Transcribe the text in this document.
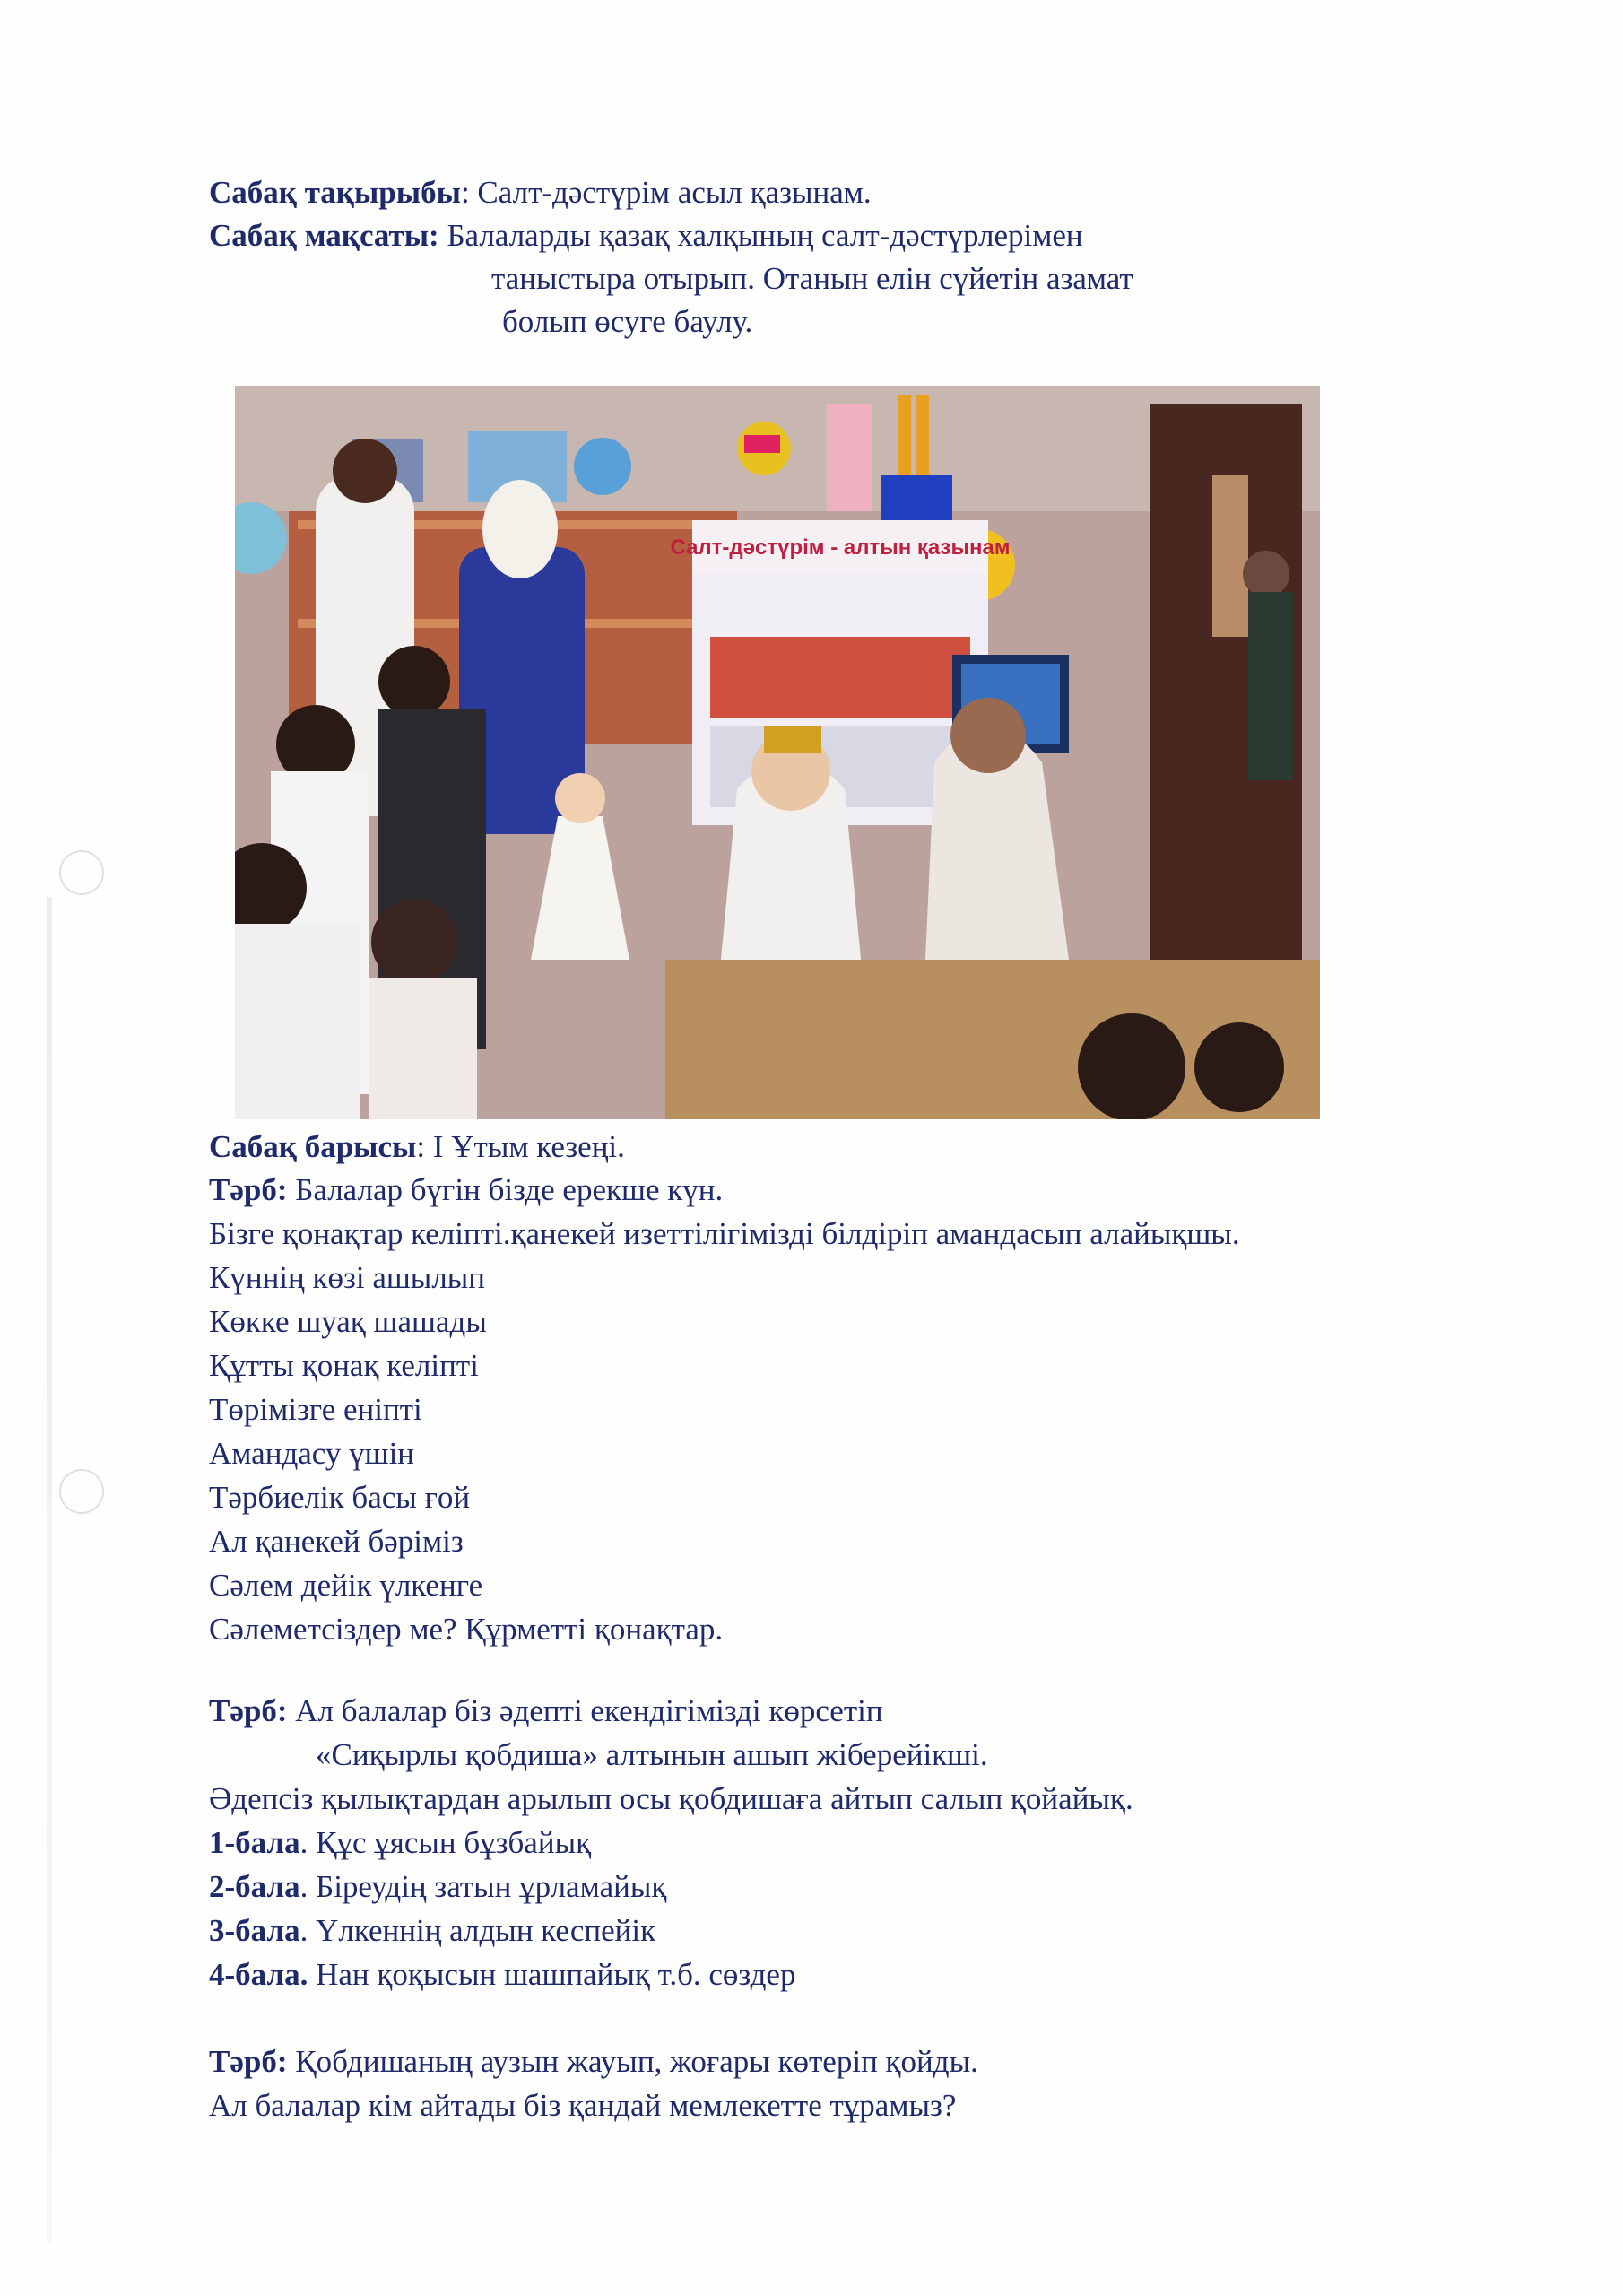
Сабақ тақырыбы: Салт-дәстүрім асыл қазынам.
Сабақ мақсаты: Балаларды қазақ халқының салт-дәстүрлерімен
таныстыра отырып. Отанын елін сүйетін азамат
болып өсуге баулу.
Салт-дәстүрім - алтын қазынам
Сабақ барысы: І Ұтым кезеңі.
Тәрб: Балалар бүгін бізде ерекше күн.
Бізге қонақтар келіпті.қанекей изеттілігімізді білдіріп амандасып алайықшы.
Күннің көзі ашылып
Көкке шуақ шашады
Құтты қонақ келіпті
Төрімізге еніпті
Амандасу үшін
Тәрбиелік басы ғой
Ал қанекей бәріміз
Сәлем дейік үлкенге
Сәлеметсіздер ме? Құрметті қонақтар.
Тәрб: Ал балалар біз әдепті екендігімізді көрсетіп
«Сиқырлы қобдиша» алтынын ашып жіберейікші.
Әдепсіз қылықтардан арылып осы қобдишаға айтып салып қойайық.
1-бала. Құс ұясын бұзбайық
2-бала. Біреудің затын ұрламайық
3-бала. Үлкеннің алдын кеспейік
4-бала. Нан қоқысын шашпайық т.б. сөздер
Тәрб: Қобдишаның аузын жауып, жоғары көтеріп қойды.
Ал балалар кім айтады біз қандай мемлекетте тұрамыз?
